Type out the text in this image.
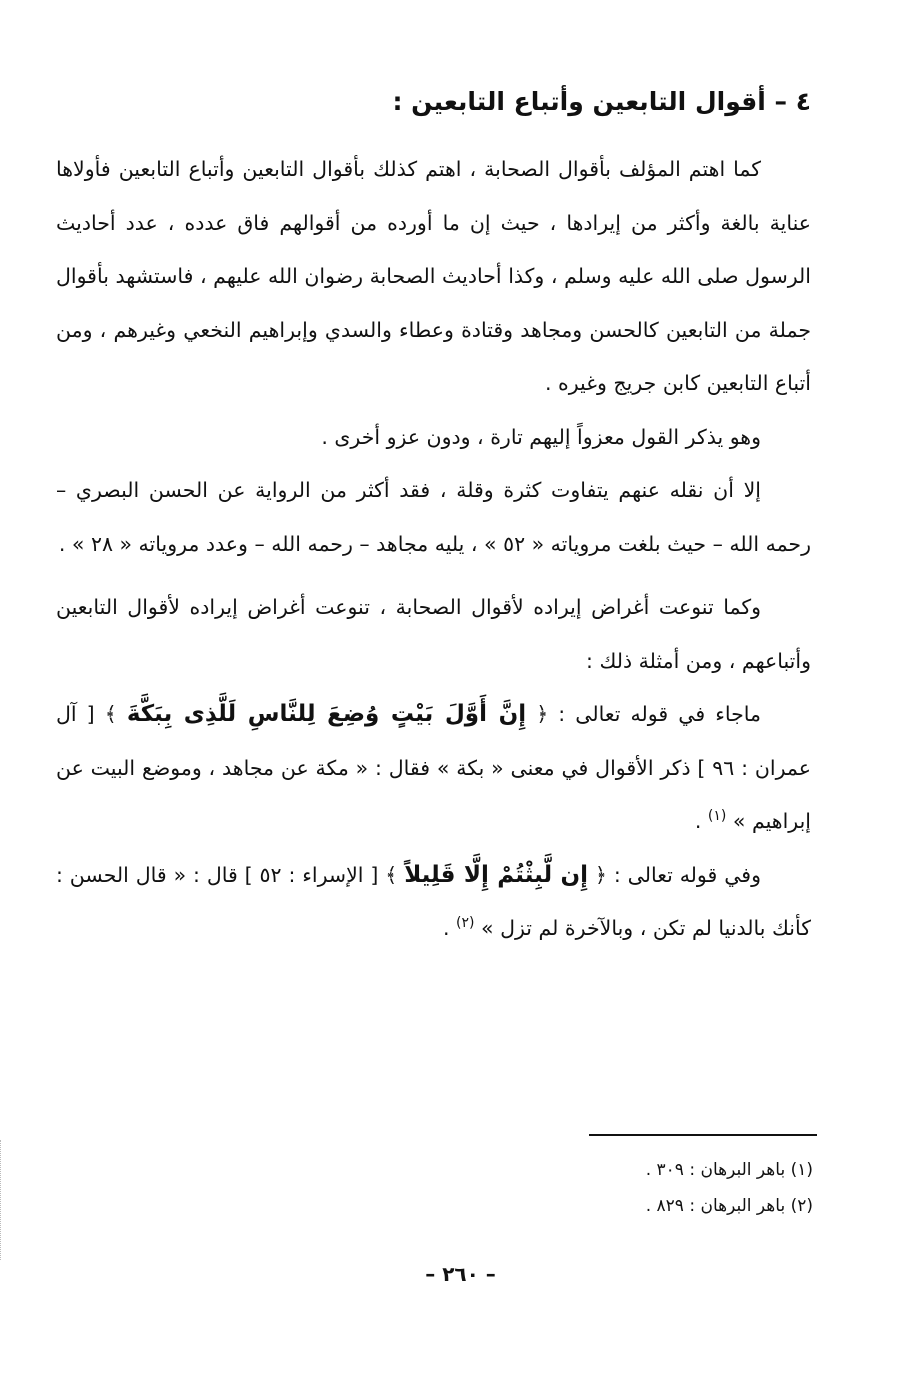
٤ – أقوال التابعين وأتباع التابعين :

كما اهتم المؤلف بأقوال الصحابة ، اهتم كذلك بأقوال التابعين وأتباع التابعين فأولاها عناية بالغة وأكثر من إيرادها ، حيث إن ما أورده من أقوالهم فاق عدده ، عدد أحاديث الرسول صلى الله عليه وسلم ، وكذا أحاديث الصحابة رضوان الله عليهم ، فاستشهد بأقوال جملة من التابعين كالحسن ومجاهد وقتادة وعطاء والسدي وإبراهيم النخعي وغيرهم ، ومن أتباع التابعين كابن جريج وغيره .

وهو يذكر القول معزواً إليهم تارة ، ودون عزو أخرى .

إلا أن نقله عنهم يتفاوت كثرة وقلة ، فقد أكثر من الرواية عن الحسن البصري – رحمه الله – حيث بلغت مروياته « ٥٢ » ، يليه مجاهد – رحمه الله – وعدد مروياته « ٢٨ » .

وكما تنوعت أغراض إيراده لأقوال الصحابة ، تنوعت أغراض إيراده لأقوال التابعين وأتباعهم ، ومن أمثلة ذلك :

ماجاء في قوله تعالى : ﴿ إِنَّ أَوَّلَ بَيْتٍ وُضِعَ لِلنَّاسِ لَلَّذِى بِبَكَّةَ ﴾ [ آل عمران : ٩٦ ] ذكر الأقوال في معنى « بكة » فقال : « مكة عن مجاهد ، وموضع البيت عن إبراهيم » $^{(١)}$ .

وفي قوله تعالى : ﴿ إِن لَّبِثْتُمْ إِلَّا قَلِيلاً ﴾ [ الإسراء : ٥٢ ] قال : « قال الحسن : كأنك بالدنيا لم تكن ، وبالآخرة لم تزل » $^{(٢)}$ .

(١) باهر البرهان : ٣٠٩ .
(٢) باهر البرهان : ٨٢٩ .
– ٢٦٠ –
